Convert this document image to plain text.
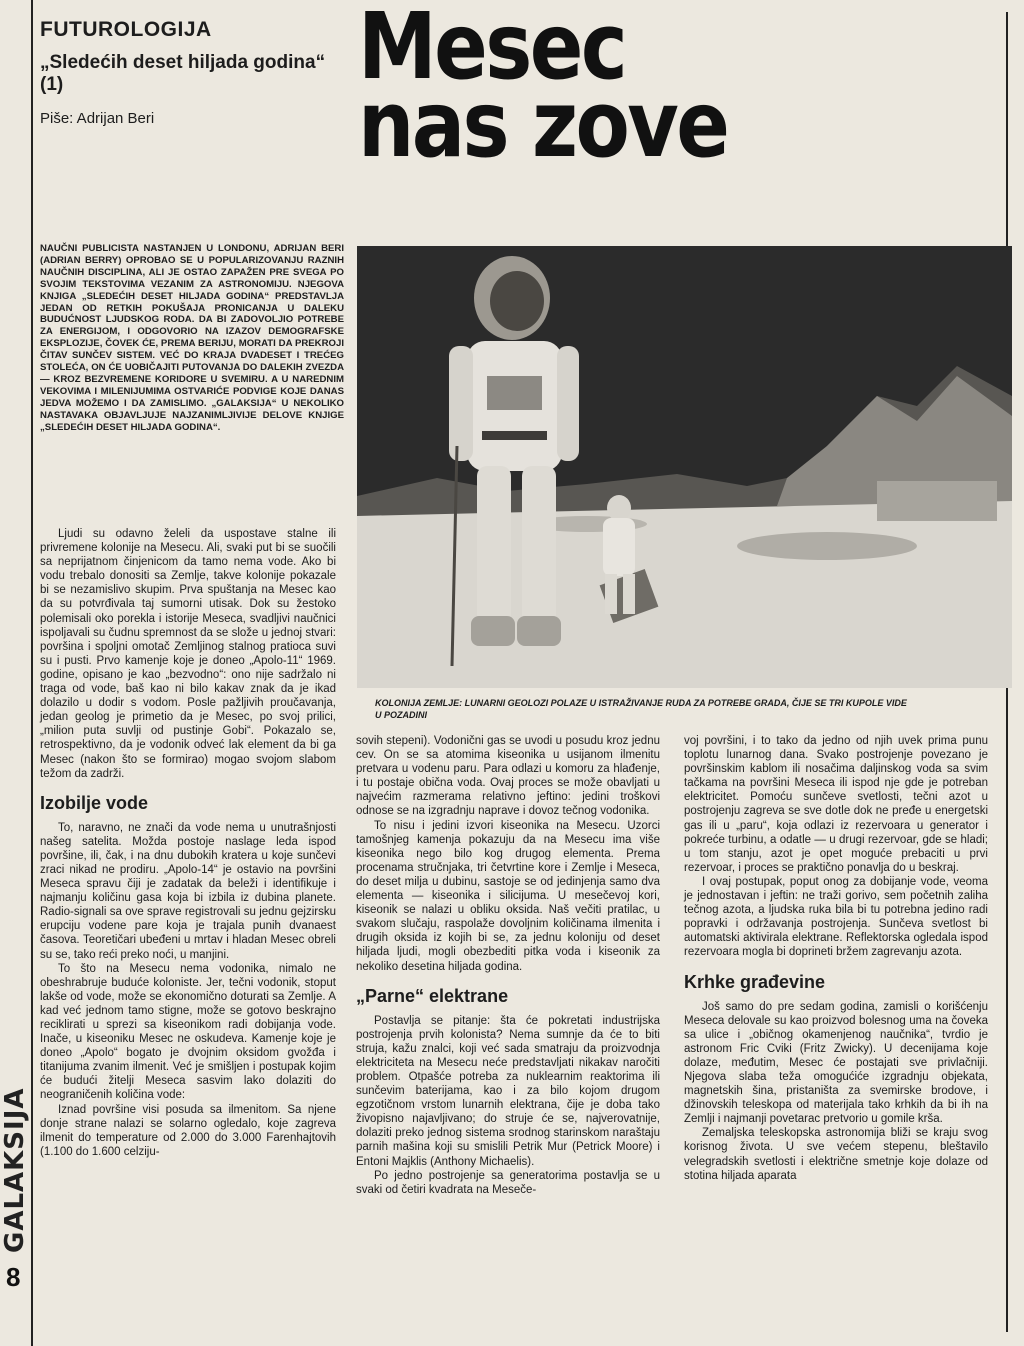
GALAKSIJA
8
FUTUROLOGIJA
„Sledećih deset hiljada godina“ (1)
Piše: Adrijan Beri
Mesec
nas zove
NAUČNI PUBLICISTA NASTANJEN U LONDONU, ADRIJAN BERI (ADRIAN BERRY) OPROBAO SE U POPULARIZOVANJU RAZNIH NAUČNIH DISCIPLINA, ALI JE OSTAO ZAPAŽEN PRE SVEGA PO SVOJIM TEKSTOVIMA VEZANIM ZA ASTRONOMIJU. NJEGOVA KNJIGA „SLEDEĆIH DESET HILJADA GODINA“ PREDSTAVLJA JEDAN OD RETKIH POKUŠAJA PRONICANJA U DALEKU BUDUĆNOST LJUDSKOG RODA. DA BI ZADOVOLJIO POTREBE ZA ENERGIJOM, I ODGOVORIO NA IZAZOV DEMOGRAFSKE EKSPLOZIJE, ČOVEK ĆE, PREMA BERIJU, MORATI DA PREKROJI ČITAV SUNČEV SISTEM. VEĆ DO KRAJA DVADESET I TREĆEG STOLEĆA, ON ĆE UOBIČAJITI PUTOVANJA DO DALEKIH ZVEZDA — KROZ BEZVREMENE KORIDORE U SVEMIRU. A U NAREDNIM VEKOVIMA I MILENIJUMIMA OSTVARIĆE PODVIGE KOJE DANAS JEDVA MOŽEMO I DA ZAMISLIMO. „GALAKSIJA“ U NEKOLIKO NASTAVAKA OBJAVLJUJE NAJZANIMLJIVIJE DELOVE KNJIGE „SLEDEĆIH DESET HILJADA GODINA“.
KOLONIJA ZEMLJE: LUNARNI GEOLOZI POLAZE U ISTRAŽIVANJE RUDA ZA POTREBE GRADA, ČIJE SE TRI KUPOLE VIDE U POZADINI

Ljudi su odavno želeli da uspostave stalne ili privremene kolonije na Mesecu. Ali, svaki put bi se suočili sa neprijatnom činjenicom da tamo nema vode. Ako bi vodu trebalo donositi sa Zemlje, takve kolonije pokazale bi se nezamislivo skupim. Prva spuštanja na Mesec kao da su potvrđivala taj sumorni utisak. Dok su žestoko polemisali oko porekla i istorije Meseca, svadljivi naučnici ispoljavali su čudnu spremnost da se slože u jednoj stvari: površina i spoljni omotač Zemljinog stalnog pratioca suvi su i pusti. Prvo kamenje koje je doneo „Apolo-11“ 1969. godine, opisano je kao „bezvodno“: ono nije sadržalo ni traga od vode, baš kao ni bilo kakav znak da je ikad dolazilo u dodir s vodom. Posle pažljivih proučavanja, jedan geolog je primetio da je Mesec, po svoj prilici, „milion puta suvlji od pustinje Gobi“. Pokazalo se, retrospektivno, da je vodonik odveć lak element da bi ga Mesec (nakon što se formirao) mogao svojom slabom težom da zadrži.

Izobilje vode

To, naravno, ne znači da vode nema u unutrašnjosti našeg satelita. Možda postoje naslage leda ispod površine, ili, čak, i na dnu dubokih kratera u koje sunčevi zraci nikad ne prodiru. „Apolo-14“ je ostavio na površini Meseca spravu čiji je zadatak da beleži i identifikuje i najmanju količinu gasa koja bi izbila iz dubina planete. Radio-signali sa ove sprave registrovali su jednu gejzirsku erupciju vodene pare koja je trajala punih dvanaest časova. Teoretičari ubeđeni u mrtav i hladan Mesec obreli su se, tako reći preko noći, u manjini.

To što na Mesecu nema vodonika, nimalo ne obeshrabruje buduće koloniste. Jer, tečni vodonik, stoput lakše od vode, može se ekonomično doturati sa Zemlje. A kad već jednom tamo stigne, može se gotovo beskrajno reciklirati u sprezi sa kiseonikom radi dobijanja vode. Inače, u kiseoniku Mesec ne oskudeva. Kamenje koje je doneo „Apolo“ bogato je dvojnim oksidom gvožđa i titanijuma zvanim ilmenit. Već je smišljen i postupak kojim će budući žitelji Meseca sasvim lako dolaziti do neograničenih količina vode:

Iznad površine visi posuda sa ilmenitom. Sa njene donje strane nalazi se solarno ogledalo, koje zagreva ilmenit do temperature od 2.000 do 3.000 Farenhajtovih (1.100 do 1.600 celziju-

sovih stepeni). Vodonični gas se uvodi u posudu kroz jednu cev. On se sa atomima kiseonika u usijanom ilmenitu pretvara u vodenu paru. Para odlazi u komoru za hlađenje, i tu postaje obična voda. Ovaj proces se može obavljati u najvećim razmerama relativno jeftino: jedini troškovi odnose se na izgradnju naprave i dovoz tečnog vodonika.

To nisu i jedini izvori kiseonika na Mesecu. Uzorci tamošnjeg kamenja pokazuju da na Mesecu ima više kiseonika nego bilo kog drugog elementa. Prema procenama stručnjaka, tri četvrtine kore i Zemlje i Meseca, do deset milja u dubinu, sastoje se od jedinjenja samo dva elementa — kiseonika i silicijuma. U mesečevoj kori, kiseonik se nalazi u obliku oksida. Naš večiti pratilac, u svakom slučaju, raspolaže dovoljnim količinama ilmenita i drugih oksida iz kojih bi se, za jednu koloniju od deset hiljada ljudi, mogli obezbediti pitka voda i kiseonik za nekoliko desetina hiljada godina.

„Parne“ elektrane

Postavlja se pitanje: šta će pokretati industrijska postrojenja prvih kolonista? Nema sumnje da će to biti struja, kažu znalci, koji već sada smatraju da proizvodnja elektriciteta na Mesecu neće predstavljati nikakav naročiti problem. Otpašće potreba za nuklearnim reaktorima ili sunčevim baterijama, kao i za bilo kojom drugom egzotičnom vrstom lunarnih elektrana, čije je doba tako živopisno najavljivano; do struje će se, najverovatnije, dolaziti preko jednog sistema srodnog starinskom naraštaju parnih mašina koji su smislili Petrik Mur (Petrick Moore) i Entoni Majklis (Anthony Michaelis).

Po jedno postrojenje sa generatorima postavlja se u svaki od četiri kvadrata na Meseče-

voj površini, i to tako da jedno od njih uvek prima punu toplotu lunarnog dana. Svako postrojenje povezano je površinskim kablom ili nosačima daljinskog voda sa svim tačkama na površini Meseca ili ispod nje gde je potreban elektricitet. Pomoću sunčeve svetlosti, tečni azot u postrojenju zagreva se sve dotle dok ne pređe u energetski gas ili u „paru“, koja odlazi iz rezervoara u generator i pokreće turbinu, a odatle — u drugi rezervoar, gde se hladi; u tom stanju, azot je opet moguće prebaciti u prvi rezervoar, i proces se praktično ponavlja do u beskraj.

I ovaj postupak, poput onog za dobijanje vode, veoma je jednostavan i jeftin: ne traži gorivo, sem početnih zaliha tečnog azota, a ljudska ruka bila bi tu potrebna jedino radi popravki i održavanja postrojenja. Sunčeva svetlost bi automatski aktivirala elektrane. Reflektorska ogledala ispod rezervoara mogla bi doprineti bržem zagrevanju azota.

Krhke građevine

Još samo do pre sedam godina, zamisli o korišćenju Meseca delovale su kao proizvod bolesnog uma na čoveka sa ulice i „običnog okamenjenog naučnika“, tvrdio je astronom Fric Cviki (Fritz Zwicky). U decenijama koje dolaze, međutim, Mesec će postajati sve privlačniji. Njegova slaba teža omogućiće izgradnju objekata, magnetskih šina, pristaništa za svemirske brodove, i džinovskih teleskopa od materijala tako krhkih da bi ih na Zemlji i najmanji povetarac pretvorio u gomile krša.

Zemaljska teleskopska astronomija bliži se kraju svog korisnog života. U sve većem stepenu, bleštavilo velegradskih svetlosti i električne smetnje koje dolaze od stotina hiljada aparata
